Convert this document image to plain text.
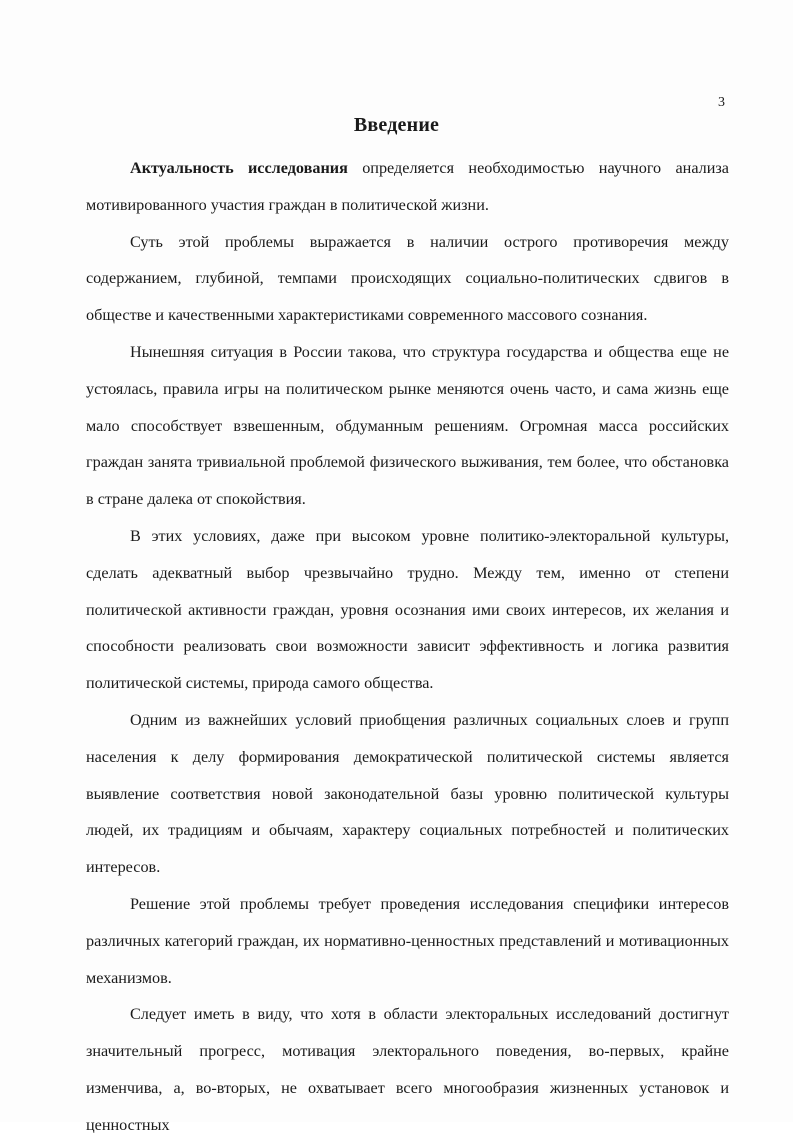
3
Введение

Актуальность исследования определяется необходимостью научного анализа мотивированного участия граждан в политической жизни.

Суть этой проблемы выражается в наличии острого противоречия между содержанием, глубиной, темпами происходящих социально-политических сдвигов в обществе и качественными характеристиками современного массового сознания.

Нынешняя ситуация в России такова, что структура государства и общества еще не устоялась, правила игры на политическом рынке меняются очень часто, и сама жизнь еще мало способствует взвешенным, обдуманным решениям. Огромная масса российских граждан занята тривиальной проблемой физического выживания, тем более, что обстановка в стране далека от спокойствия.

В этих условиях, даже при высоком уровне политико-электоральной культуры, сделать адекватный выбор чрезвычайно трудно. Между тем, именно от степени политической активности граждан, уровня осознания ими своих интересов, их желания и способности реализовать свои возможности зависит эффективность и логика развития политической системы, природа самого общества.

Одним из важнейших условий приобщения различных социальных слоев и групп населения к делу формирования демократической политической системы является выявление соответствия новой законодательной базы уровню политической культуры людей, их традициям и обычаям, характеру социальных потребностей и политических интересов.

Решение этой проблемы требует проведения исследования специфики интересов различных категорий граждан, их нормативно-ценностных представлений и мотивационных механизмов.

Следует иметь в виду, что хотя в области электоральных исследований достигнут значительный прогресс, мотивация электорального поведения, во-первых, крайне изменчива, а, во-вторых, не охватывает всего многообразия жизненных установок и ценностных
